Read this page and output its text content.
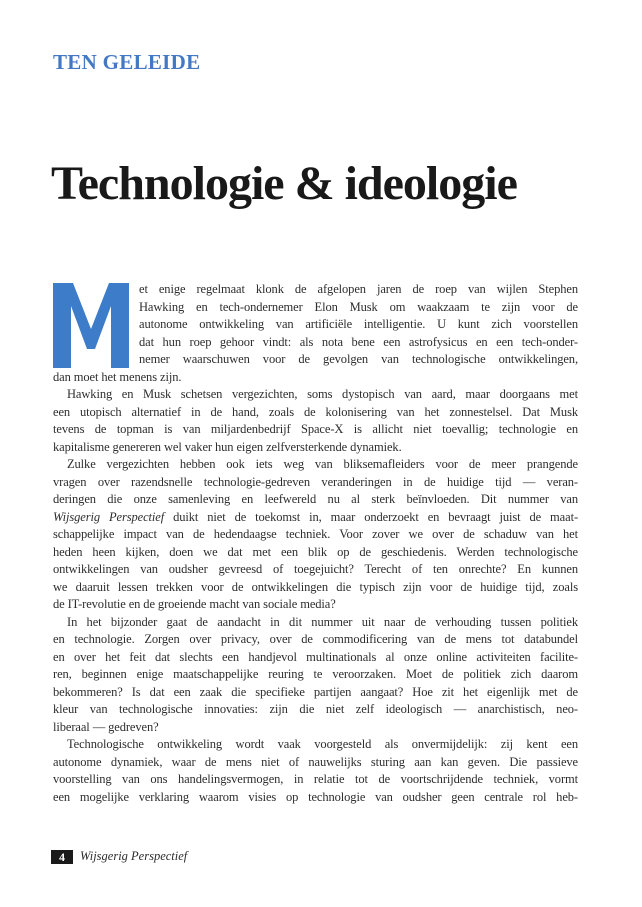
TEN GELEIDE
Technologie & ideologie
et enige regelmaat klonk de afgelopen jaren de roep van wijlen Stephen
Hawking en tech-ondernemer Elon Musk om waakzaam te zijn voor de
autonome ontwikkeling van artificiële intelligentie. U kunt zich voorstellen
dat hun roep gehoor vindt: als nota bene een astrofysicus en een tech-onder-
nemer waarschuwen voor de gevolgen van technologische ontwikkelingen,
dan moet het menens zijn.
Hawking en Musk schetsen vergezichten, soms dystopisch van aard, maar doorgaans met
een utopisch alternatief in de hand, zoals de kolonisering van het zonnestelsel. Dat Musk
tevens de topman is van miljardenbedrijf Space-X is allicht niet toevallig; technologie en
kapitalisme genereren wel vaker hun eigen zelfversterkende dynamiek.
Zulke vergezichten hebben ook iets weg van bliksemafleiders voor de meer prangende
vragen over razendsnelle technologie-gedreven veranderingen in de huidige tijd — veran-
deringen die onze samenleving en leefwereld nu al sterk beïnvloeden. Dit nummer van
Wijsgerig Perspectief duikt niet de toekomst in, maar onderzoekt en bevraagt juist de maat-
schappelijke impact van de hedendaagse techniek. Voor zover we over de schaduw van het
heden heen kijken, doen we dat met een blik op de geschiedenis. Werden technologische
ontwikkelingen van oudsher gevreesd of toegejuicht? Terecht of ten onrechte? En kunnen
we daaruit lessen trekken voor de ontwikkelingen die typisch zijn voor de huidige tijd, zoals
de IT-revolutie en de groeiende macht van sociale media?
In het bijzonder gaat de aandacht in dit nummer uit naar de verhouding tussen politiek
en technologie. Zorgen over privacy, over de commodificering van de mens tot databundel
en over het feit dat slechts een handjevol multinationals al onze online activiteiten facilite-
ren, beginnen enige maatschappelijke reuring te veroorzaken. Moet de politiek zich daarom
bekommeren? Is dat een zaak die specifieke partijen aangaat? Hoe zit het eigenlijk met de
kleur van technologische innovaties: zijn die niet zelf ideologisch — anarchistisch, neo-
liberaal — gedreven?
Technologische ontwikkeling wordt vaak voorgesteld als onvermijdelijk: zij kent een
autonome dynamiek, waar de mens niet of nauwelijks sturing aan kan geven. Die passieve
voorstelling van ons handelingsvermogen, in relatie tot de voortschrijdende techniek, vormt
een mogelijke verklaring waarom visies op technologie van oudsher geen centrale rol heb-
4	Wijsgerig Perspectief
